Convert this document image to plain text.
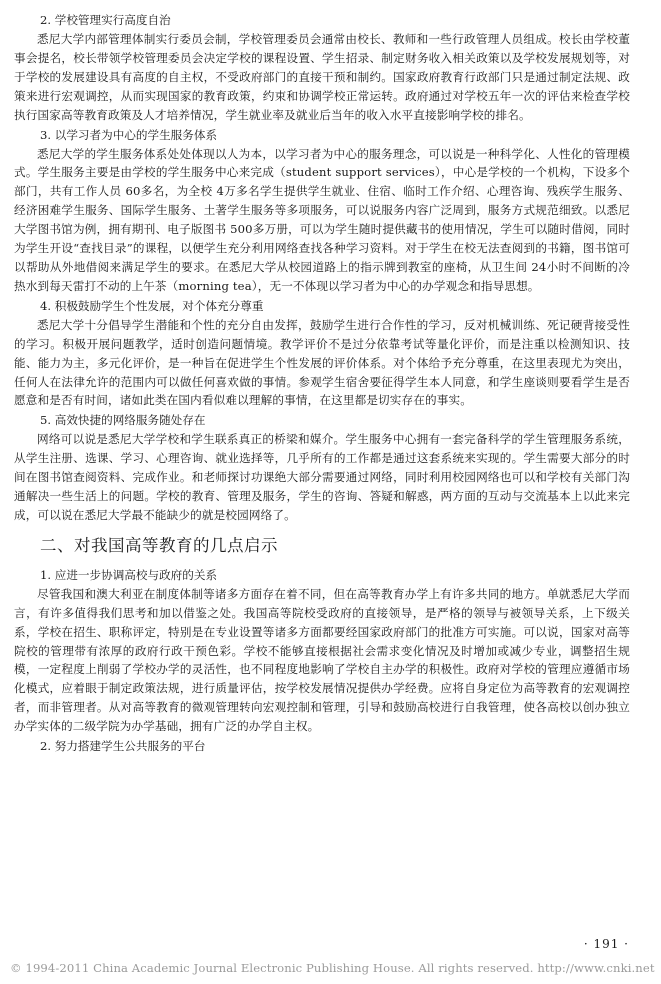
2. 学校管理实行高度自治

悉尼大学内部管理体制实行委员会制，学校管理委员会通常由校长、教师和一些行政管理人员组成。校长由学校董事会提名，校长带领学校管理委员会决定学校的课程设置、学生招录、制定财务收入相关政策以及学校发展规划等，对于学校的发展建设具有高度的自主权，不受政府部门的直接干预和制约。国家政府教育行政部门只是通过制定法规、政策来进行宏观调控，从而实现国家的教育政策，约束和协调学校正常运转。政府通过对学校五年一次的评估来检查学校执行国家高等教育政策及人才培养情况，学生就业率及就业后当年的收入水平直接影响学校的排名。

3. 以学习者为中心的学生服务体系

悉尼大学的学生服务体系处处体现以人为本，以学习者为中心的服务理念，可以说是一种科学化、人性化的管理模式。学生服务主要是由学校的学生服务中心来完成（student support services），中心是学校的一个机构，下设多个部门，共有工作人员 60多名，为全校 4万多名学生提供学生就业、住宿、临时工作介绍、心理咨询、残疾学生服务、经济困难学生服务、国际学生服务、土著学生服务等多项服务，可以说服务内容广泛周到，服务方式规范细致。以悉尼大学图书馆为例，拥有期刊、电子版图书 500多万册，可以为学生随时提供藏书的使用情况，学生可以随时借阅，同时为学生开设“查找目录”的课程，以便学生充分利用网络查找各种学习资料。对于学生在校无法查阅到的书籍，图书馆可以帮助从外地借阅来满足学生的要求。在悉尼大学从校园道路上的指示牌到教室的座椅，从卫生间 24小时不间断的冷热水到每天雷打不动的上午茶（morning tea），无一不体现以学习者为中心的办学观念和指导思想。

4. 积极鼓励学生个性发展，对个体充分尊重

悉尼大学十分倡导学生潜能和个性的充分自由发挥，鼓励学生进行合作性的学习，反对机械训练、死记硬背接受性的学习。积极开展问题教学，适时创造问题情境。教学评价不是过分依靠考试等量化评价，而是注重以检测知识、技能、能力为主，多元化评价，是一种旨在促进学生个性发展的评价体系。对个体给予充分尊重，在这里表现尤为突出，任何人在法律允许的范围内可以做任何喜欢做的事情。参观学生宿舍要征得学生本人同意，和学生座谈则要看学生是否愿意和是否有时间，诸如此类在国内看似难以理解的事情，在这里都是切实存在的事实。

5. 高效快捷的网络服务随处存在

网络可以说是悉尼大学学校和学生联系真正的桥梁和媒介。学生服务中心拥有一套完备科学的学生管理服务系统，从学生注册、选课、学习、心理咨询、就业选择等，几乎所有的工作都是通过这套系统来实现的。学生需要大部分的时间在图书馆查阅资料、完成作业。和老师探讨功课绝大部分需要通过网络，同时利用校园网络也可以和学校有关部门沟通解决一些生活上的问题。学校的教育、管理及服务，学生的咨询、答疑和解惑，两方面的互动与交流基本上以此来完成，可以说在悉尼大学最不能缺少的就是校园网络了。

二、对我国高等教育的几点启示
1. 应进一步协调高校与政府的关系

尽管我国和澳大利亚在制度体制等诸多方面存在着不同，但在高等教育办学上有许多共同的地方。单就悉尼大学而言，有许多值得我们思考和加以借鉴之处。我国高等院校受政府的直接领导，是严格的领导与被领导关系，上下级关系，学校在招生、职称评定，特别是在专业设置等诸多方面都要经国家政府部门的批准方可实施。可以说，国家对高等院校的管理带有浓厚的政府行政干预色彩。学校不能够直接根据社会需求变化情况及时增加或减少专业，调整招生规模，一定程度上削弱了学校办学的灵活性，也不同程度地影响了学校自主办学的积极性。政府对学校的管理应遵循市场化模式，应着眼于制定政策法规，进行质量评估，按学校发展情况提供办学经费。应将自身定位为高等教育的宏观调控者，而非管理者。从对高等教育的微观管理转向宏观控制和管理，引导和鼓励高校进行自我管理，使各高校以创办独立办学实体的二级学院为办学基础，拥有广泛的办学自主权。

2. 努力搭建学生公共服务的平台
· 191 ·
© 1994-2011 China Academic Journal Electronic Publishing House. All rights reserved. http://www.cnki.net
